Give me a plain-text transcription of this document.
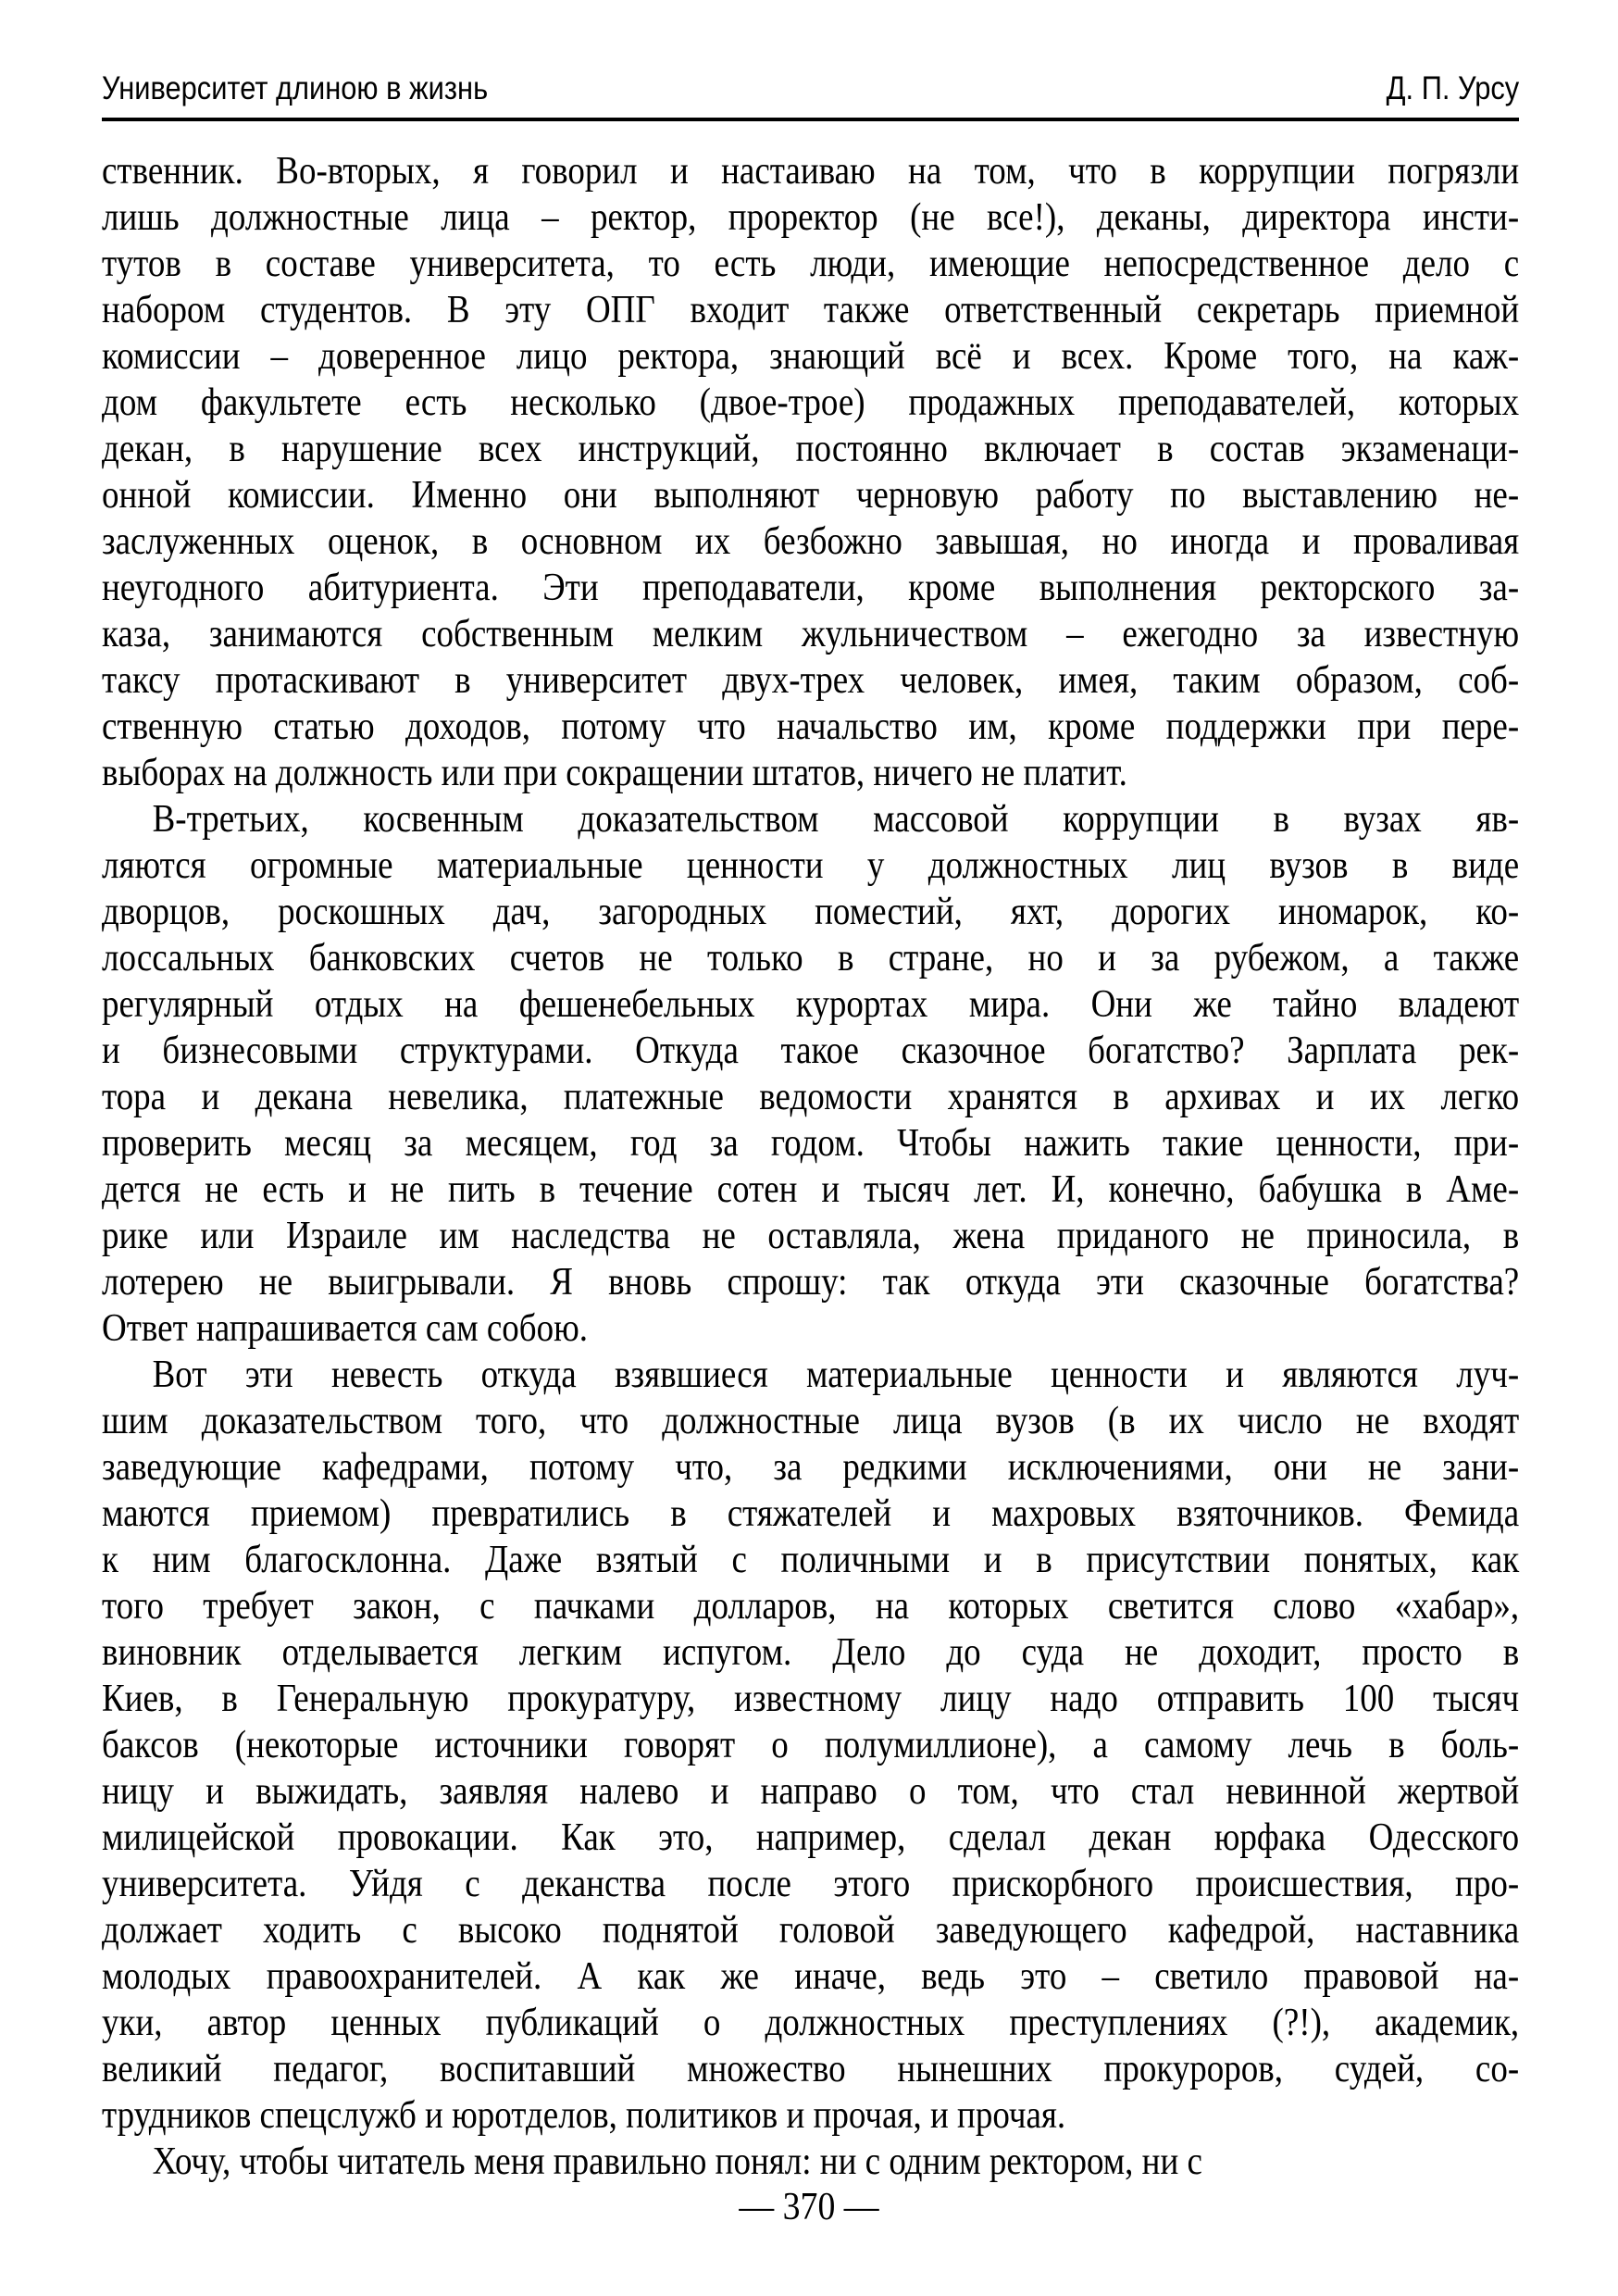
Университет длиною в жизнь	Д. П. Урсу
ственник. Во-вторых, я говорил и настаиваю на том, что в коррупции погрязли
лишь должностные лица – ректор, проректор (не все!), деканы, директора инсти-
тутов в составе университета, то есть люди, имеющие непосредственное дело с
набором студентов. В эту ОПГ входит также ответственный секретарь приемной
комиссии – доверенное лицо ректора, знающий всё и всех. Кроме того, на каж-
дом факультете есть несколько (двое-трое) продажных преподавателей, которых
декан, в нарушение всех инструкций, постоянно включает в состав экзаменаци-
онной комиссии. Именно они выполняют черновую работу по выставлению не-
заслуженных оценок, в основном их безбожно завышая, но иногда и проваливая
неугодного абитуриента. Эти преподаватели, кроме выполнения ректорского за-
каза, занимаются собственным мелким жульничеством – ежегодно за известную
таксу протаскивают в университет двух-трех человек, имея, таким образом, соб-
ственную статью доходов, потому что начальство им, кроме поддержки при пере-
выборах на должность или при сокращении штатов, ничего не платит.
В-третьих, косвенным доказательством массовой коррупции в вузах яв-
ляются огромные материальные ценности у должностных лиц вузов в виде
дворцов, роскошных дач, загородных поместий, яхт, дорогих иномарок, ко-
лоссальных банковских счетов не только в стране, но и за рубежом, а также
регулярный отдых на фешенебельных курортах мира. Они же тайно владеют
и бизнесовыми структурами. Откуда такое сказочное богатство? Зарплата рек-
тора и декана невелика, платежные ведомости хранятся в архивах и их легко
проверить месяц за месяцем, год за годом. Чтобы нажить такие ценности, при-
дется не есть и не пить в течение сотен и тысяч лет. И, конечно, бабушка в Аме-
рике или Израиле им наследства не оставляла, жена приданого не приносила, в
лотерею не выигрывали. Я вновь спрошу: так откуда эти сказочные богатства?
Ответ напрашивается сам собою.
Вот эти невесть откуда взявшиеся материальные ценности и являются луч-
шим доказательством того, что должностные лица вузов (в их число не входят
заведующие кафедрами, потому что, за редкими исключениями, они не зани-
маются приемом) превратились в стяжателей и махровых взяточников. Фемида
к ним благосклонна. Даже взятый с поличными и в присутствии понятых, как
того требует закон, с пачками долларов, на которых светится слово «хабар»,
виновник отделывается легким испугом. Дело до суда не доходит, просто в
Киев, в Генеральную прокуратуру, известному лицу надо отправить 100 тысяч
баксов (некоторые источники говорят о полумиллионе), а самому лечь в боль-
ницу и выжидать, заявляя налево и направо о том, что стал невинной жертвой
милицейской провокации. Как это, например, сделал декан юрфака Одесского
университета. Уйдя с деканства после этого прискорбного происшествия, про-
должает ходить с высоко поднятой головой заведующего кафедрой, наставника
молодых правоохранителей. А как же иначе, ведь это – светило правовой на-
уки, автор ценных публикаций о должностных преступлениях (?!), академик,
великий педагог, воспитавший множество нынешних прокуроров, судей, со-
трудников спецслужб и юротделов, политиков и прочая, и прочая.
Хочу, чтобы читатель меня правильно понял: ни с одним ректором, ни с
— 370 —
